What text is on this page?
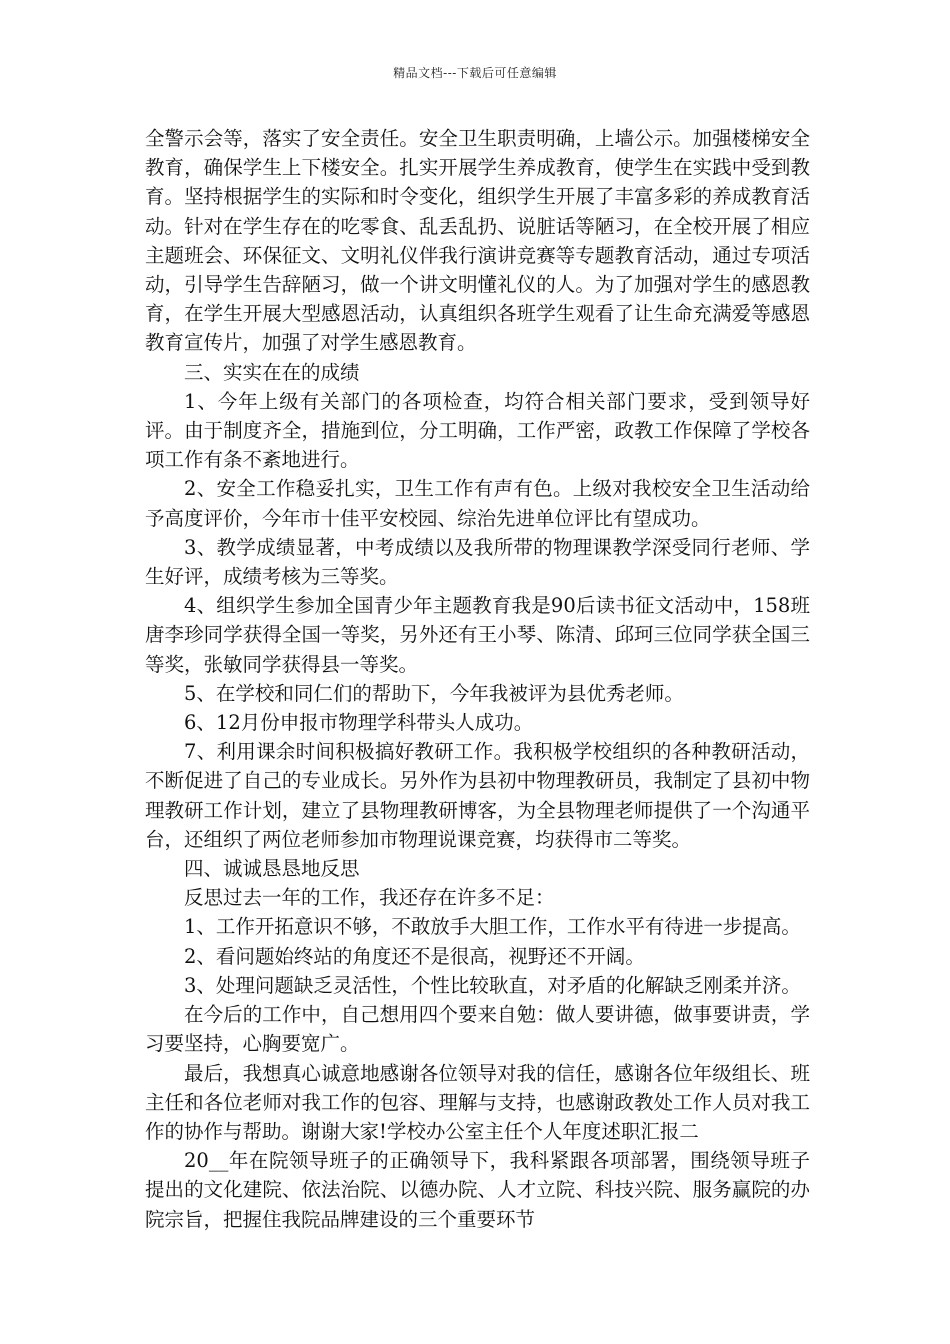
精品文档---下载后可任意编辑

全警示会等，落实了安全责任。安全卫生职责明确，上墙公示。加强楼梯安全教育，确保学生上下楼安全。扎实开展学生养成教育，使学生在实践中受到教育。坚持根据学生的实际和时令变化，组织学生开展了丰富多彩的养成教育活动。针对在学生存在的吃零食、乱丢乱扔、说脏话等陋习，在全校开展了相应主题班会、环保征文、文明礼仪伴我行演讲竞赛等专题教育活动，通过专项活动，引导学生告辞陋习，做一个讲文明懂礼仪的人。为了加强对学生的感恩教育，在学生开展大型感恩活动，认真组织各班学生观看了让生命充满爱等感恩教育宣传片，加强了对学生感恩教育。

三、实实在在的成绩

1、今年上级有关部门的各项检查，均符合相关部门要求，受到领导好评。由于制度齐全，措施到位，分工明确，工作严密，政教工作保障了学校各项工作有条不紊地进行。

2、安全工作稳妥扎实，卫生工作有声有色。上级对我校安全卫生活动给予高度评价，今年市十佳平安校园、综治先进单位评比有望成功。

3、教学成绩显著，中考成绩以及我所带的物理课教学深受同行老师、学生好评，成绩考核为三等奖。

4、组织学生参加全国青少年主题教育我是90后读书征文活动中，158班唐李珍同学获得全国一等奖，另外还有王小琴、陈清、邱珂三位同学获全国三等奖，张敏同学获得县一等奖。

5、在学校和同仁们的帮助下，今年我被评为县优秀老师。

6、12月份申报市物理学科带头人成功。

7、利用课余时间积极搞好教研工作。我积极学校组织的各种教研活动，不断促进了自己的专业成长。另外作为县初中物理教研员，我制定了县初中物理教研工作计划，建立了县物理教研博客，为全县物理老师提供了一个沟通平台，还组织了两位老师参加市物理说课竞赛，均获得市二等奖。

四、诚诚恳恳地反思

反思过去一年的工作，我还存在许多不足：

1、工作开拓意识不够，不敢放手大胆工作，工作水平有待进一步提高。

2、看问题始终站的角度还不是很高，视野还不开阔。

3、处理问题缺乏灵活性，个性比较耿直，对矛盾的化解缺乏刚柔并济。

在今后的工作中，自己想用四个要来自勉：做人要讲德，做事要讲责，学习要坚持，心胸要宽广。

最后，我想真心诚意地感谢各位领导对我的信任，感谢各位年级组长、班主任和各位老师对我工作的包容、理解与支持，也感谢政教处工作人员对我工作的协作与帮助。谢谢大家!学校办公室主任个人年度述职汇报二

20__年在院领导班子的正确领导下，我科紧跟各项部署，围绕领导班子提出的文化建院、依法治院、以德办院、人才立院、科技兴院、服务赢院的办院宗旨，把握住我院品牌建设的三个重要环节
